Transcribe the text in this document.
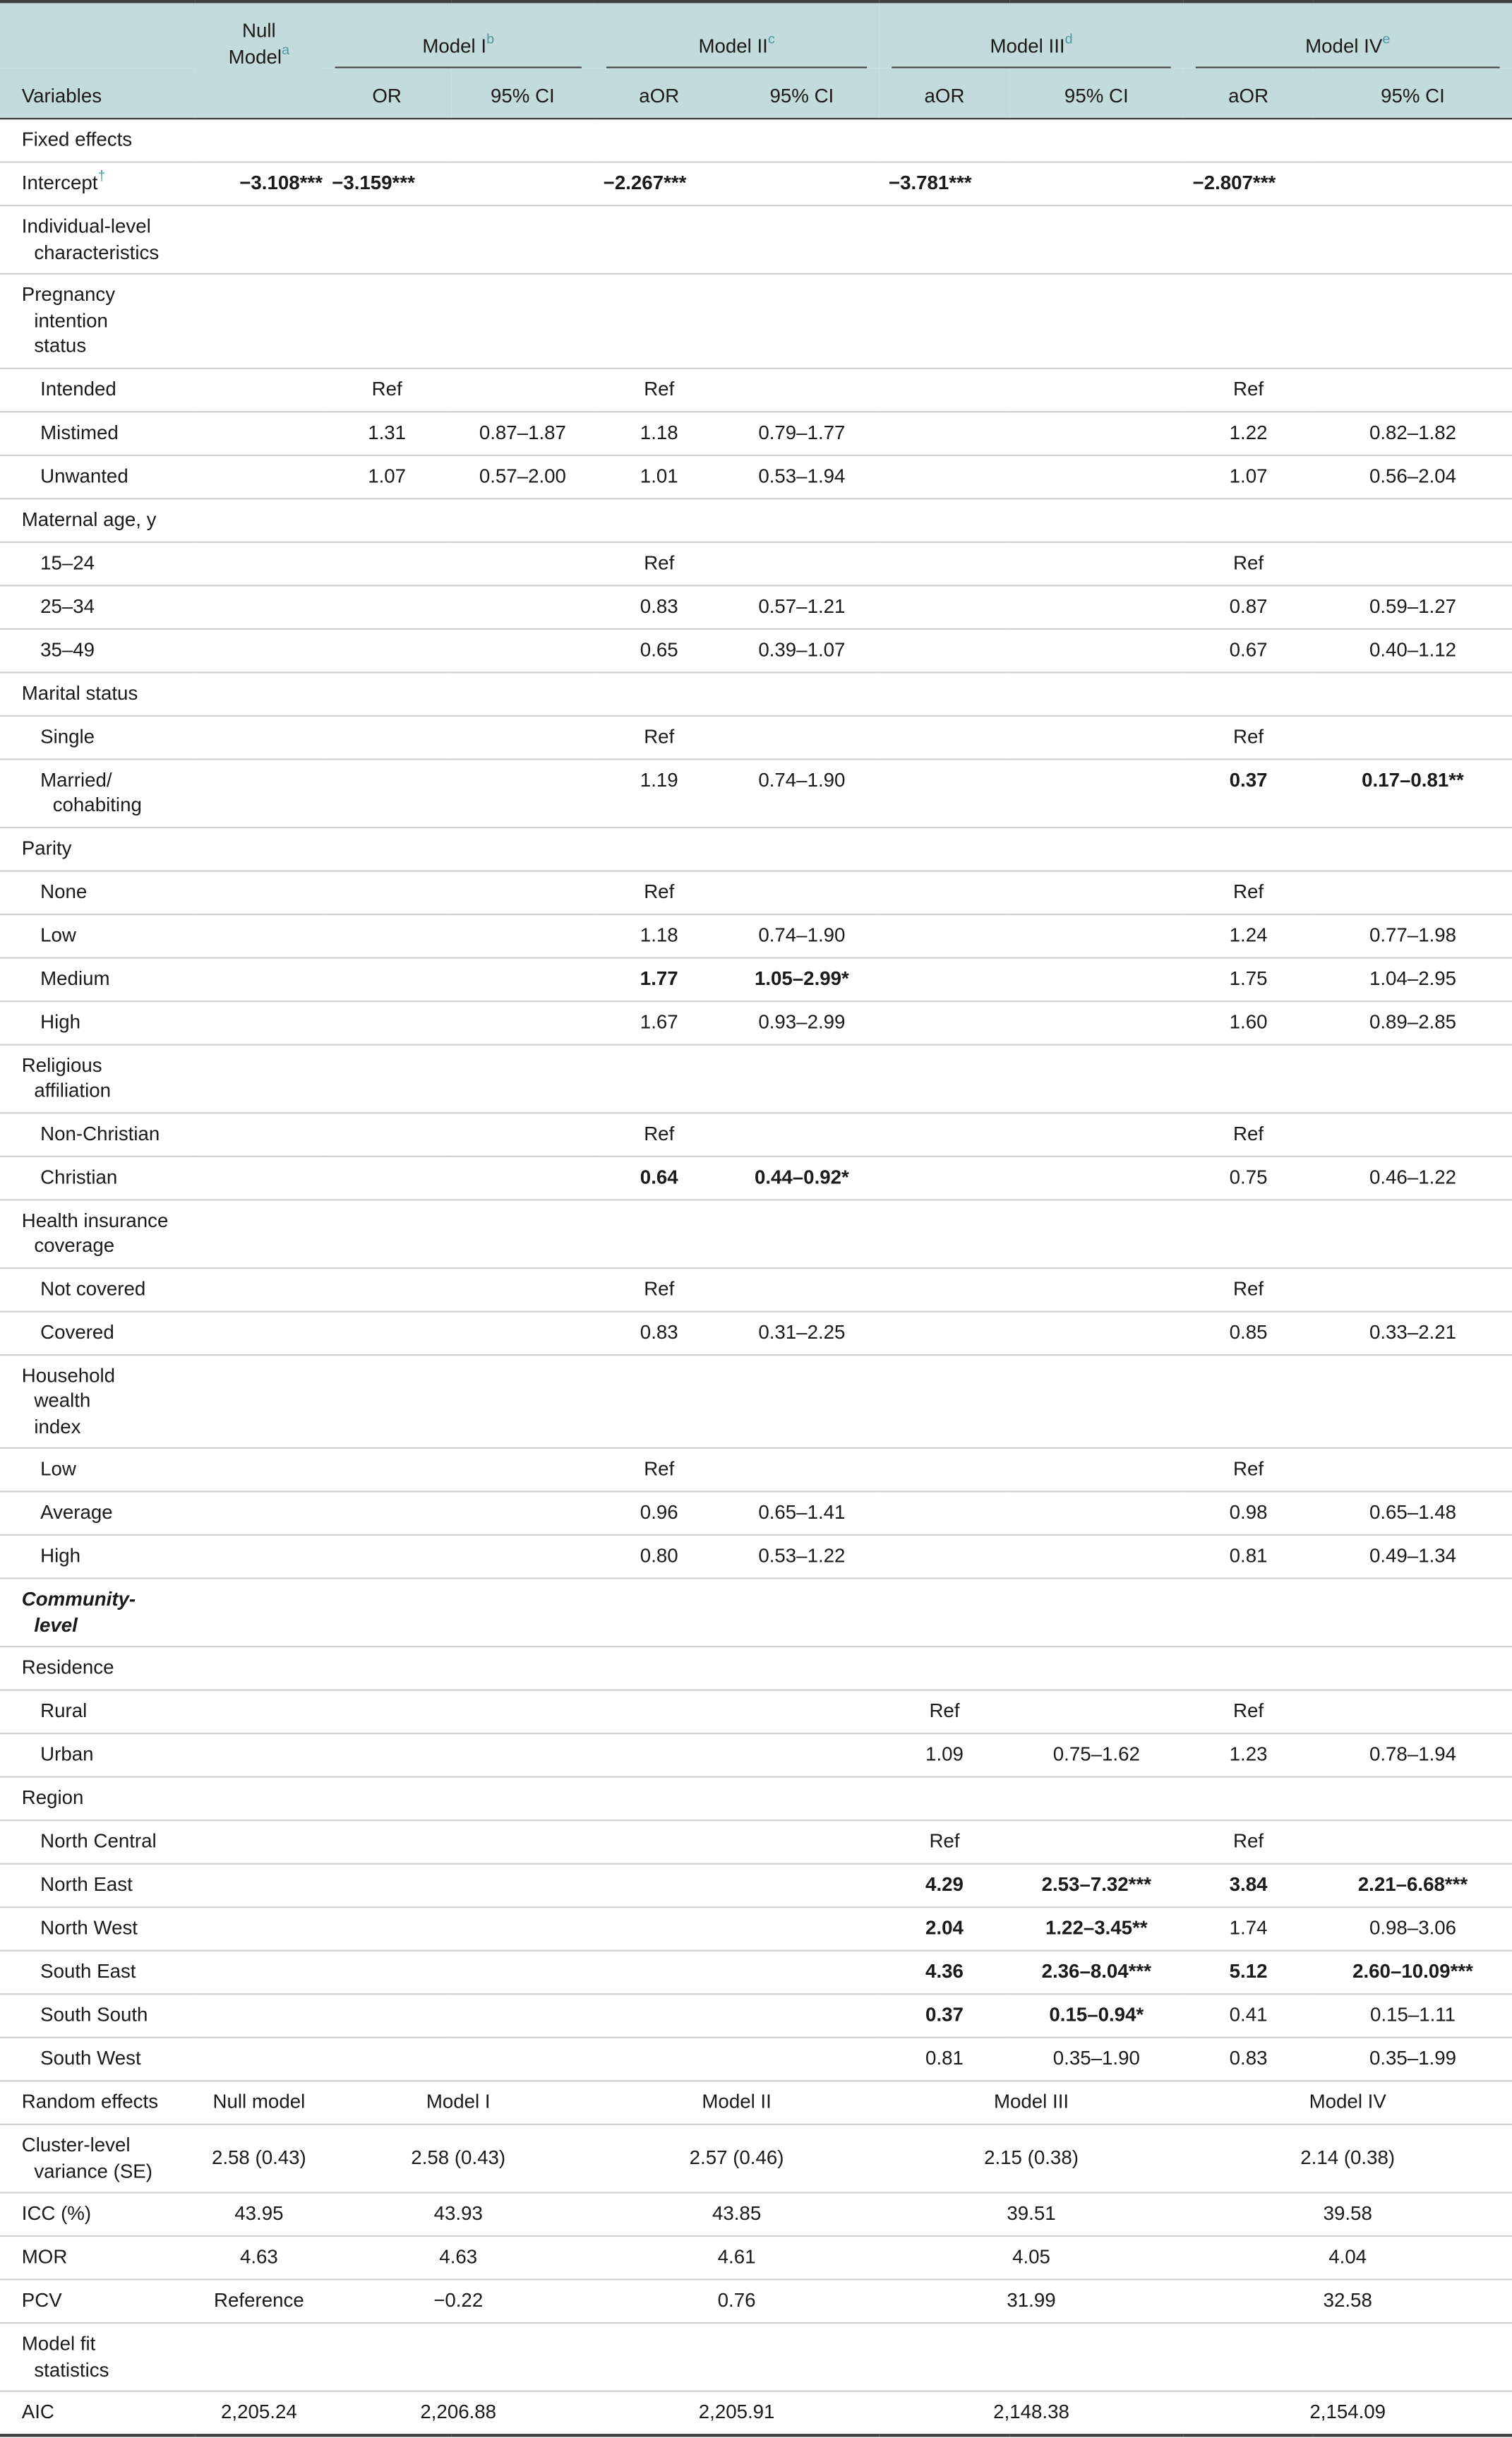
	Null
Model$^a$	Model $I^b$		Model $II^c$		Model III$^d$		Model IVe

Variables		OR	95% CI	aOR	95% CI	aOR	95% CI	aOR	95% CI

Fixed effects									

Intercept†	−3.108***	−3.159***		−2.267***		−3.781***		−2.807***	

Individual-level
characteristics									

Pregnancy
intention
status									

Intended		Ref		Ref				Ref	

Mistimed		1.31	0.87–1.87	1.18	0.79–1.77			1.22	0.82–1.82

Unwanted		1.07	0.57–2.00	1.01	0.53–1.94			1.07	0.56–2.04

Maternal age, y									

15–24				Ref				Ref	

25–34				0.83	0.57–1.21			0.87	0.59–1.27

35–49				0.65	0.39–1.07			0.67	0.40–1.12

Marital status									

Single				Ref				Ref	

Married/
cohabiting				1.19	0.74–1.90			0.37	0.17–0.81**

Parity									

None				Ref				Ref	

Low				1.18	0.74–1.90			1.24	0.77–1.98

Medium				1.77	1.05–2.99*			1.75	1.04–2.95

High				1.67	0.93–2.99			1.60	0.89–2.85

Religious
affiliation									

Non-Christian				Ref				Ref	

Christian				0.64	0.44–0.92*			0.75	0.46–1.22

Health insurance
coverage									

Not covered				Ref				Ref	

Covered				0.83	0.31–2.25			0.85	0.33–2.21

Household
wealth
index									

Low				Ref				Ref	

Average				0.96	0.65–1.41			0.98	0.65–1.48

High				0.80	0.53–1.22			0.81	0.49–1.34

Community-
level									

Residence									

Rural						Ref		Ref	

Urban						1.09	0.75–1.62	1.23	0.78–1.94

Region									

North Central						Ref		Ref	

North East						4.29	2.53–7.32***	3.84	2.21–6.68***

North West						2.04	1.22–3.45**	1.74	0.98–3.06

South East						4.36	2.36–8.04***	5.12	2.60–10.09***

South South						0.37	0.15–0.94*	0.41	0.15–1.11

South West						0.81	0.35–1.90	0.83	0.35–1.99

Random effects	Null model	Model I		Model II		Model III		Model IV	

Cluster-level
variance (SE)	2.58 (0.43)	2.58 (0.43)		2.57 (0.46)		2.15 (0.38)		2.14 (0.38)	

ICC (%)	43.95	43.93		43.85		39.51		39.58	

MOR	4.63	4.63		4.61		4.05		4.04	

PCV	Reference	−0.22		0.76		31.99		32.58	

Model fit
statistics									

AIC	2,205.24	2,206.88		2,205.91		2,148.38		2,154.09	
